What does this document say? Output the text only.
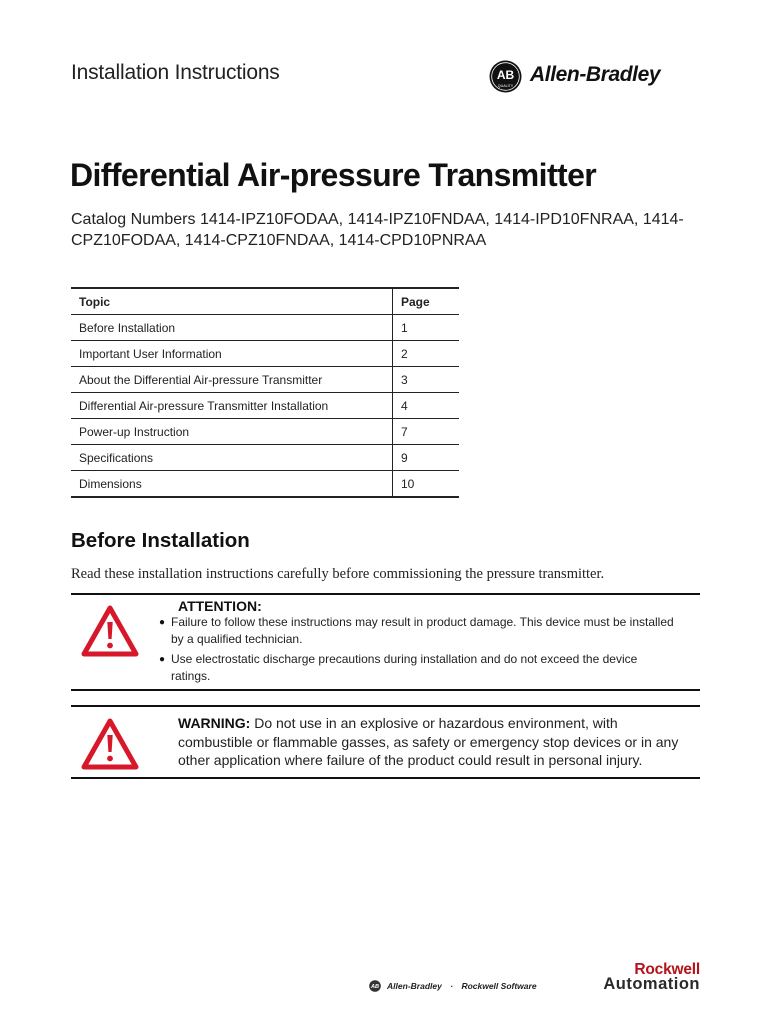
Installation Instructions	AB
QUALITY Allen-Bradley
Differential Air-pressure Transmitter
Catalog Numbers 1414-IPZ10FODAA, 1414-IPZ10FNDAA, 1414-IPD10FNRAA, 1414-CPZ10FODAA, 1414-CPZ10FNDAA, 1414-CPD10PNRAA
Topic	Page
Before Installation	1
Important User Information	2
About the Differential Air-pressure Transmitter	3
Differential Air-pressure Transmitter Installation	4
Power-up Instruction	7
Specifications	9
Dimensions	10
Before Installation
Read these installation instructions carefully before commissioning the pressure transmitter.
ATTENTION:
● Failure to follow these instructions may result in product damage. This device must be installed by a qualified technician.
● Use electrostatic discharge precautions during installation and do not exceed the device ratings.
WARNING: Do not use in an explosive or hazardous environment, with combustible or flammable gasses, as safety or emergency stop devices or in any other application where failure of the product could result in personal injury.
AB Allen-Bradley · Rockwell Software
Rockwell
Automation
